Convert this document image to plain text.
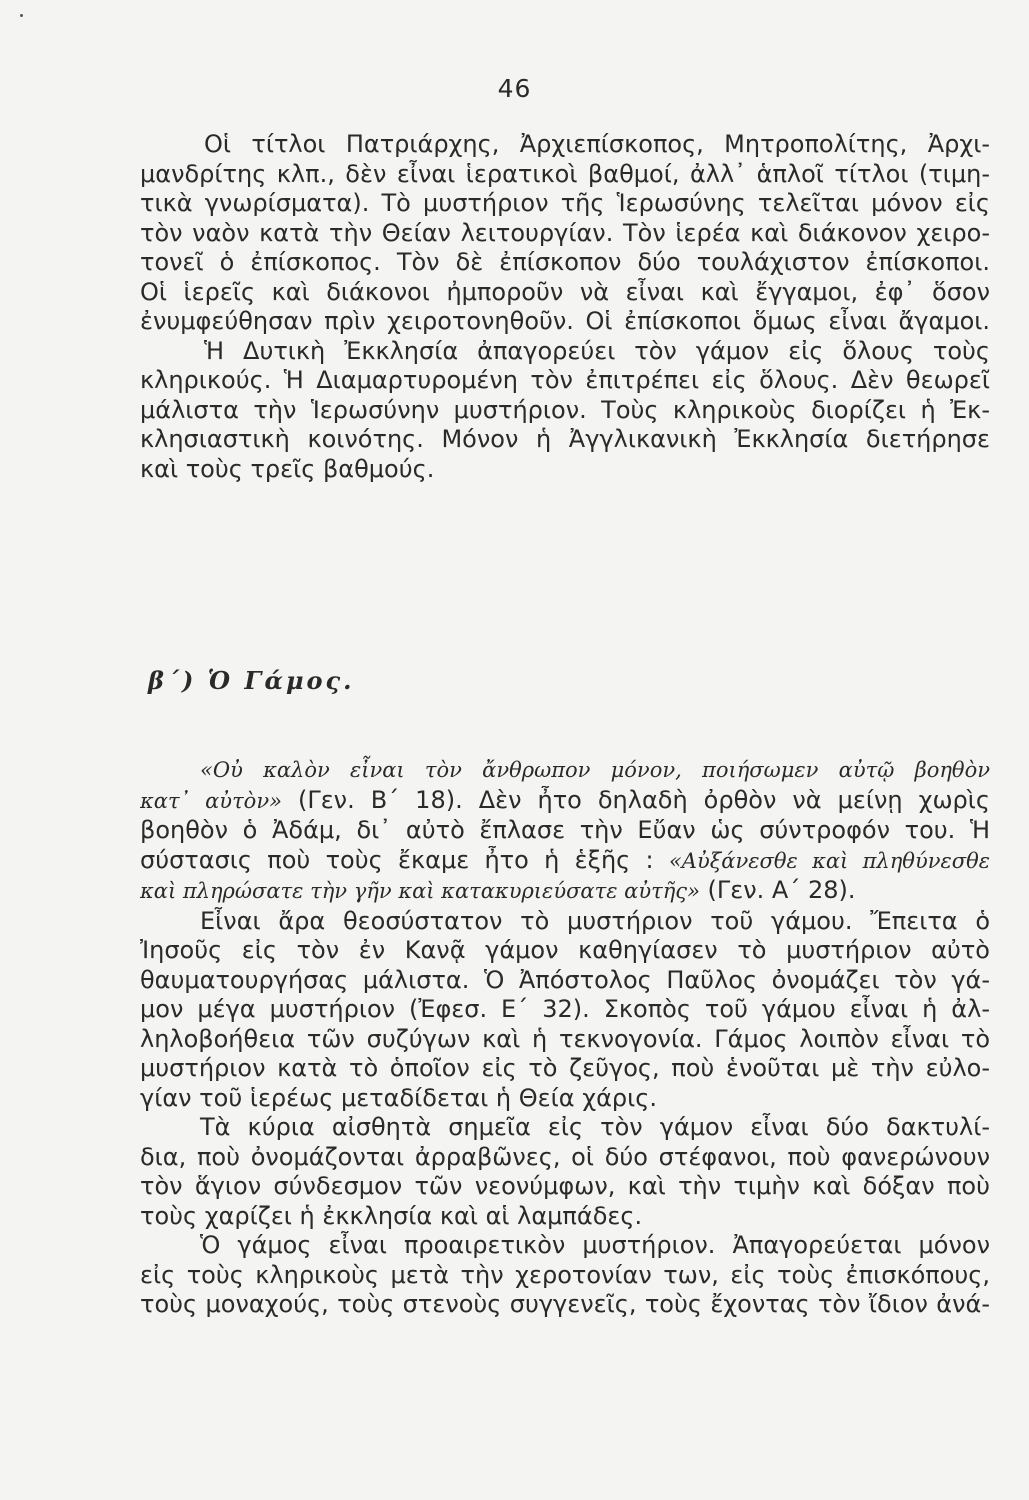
46
Οἱ τίτλοι Πατριάρχης, Ἀρχιεπίσκοπος, Μητροπολίτης, Ἀρχι-
μανδρίτης κλπ., δὲν εἶναι ἱερατικοὶ βαθμοί, ἀλλ᾽ ἁπλοῖ τίτλοι (τιμη-
τικὰ γνωρίσματα). Τὸ μυστήριον τῆς Ἱερωσύνης τελεῖται μόνον εἰς
τὸν ναὸν κατὰ τὴν Θείαν λειτουργίαν. Τὸν ἱερέα καὶ διάκονον χειρο-
τονεῖ ὁ ἐπίσκοπος. Τὸν δὲ ἐπίσκοπον δύο τουλάχιστον ἐπίσκοποι.
Οἱ ἱερεῖς καὶ διάκονοι ἠμποροῦν νὰ εἶναι καὶ ἔγγαμοι, ἐφ᾽ ὅσον
ἐνυμφεύθησαν πρὶν χειροτονηθοῦν. Οἱ ἐπίσκοποι ὅμως εἶναι ἄγαμοι.
Ἡ Δυτικὴ Ἐκκλησία ἀπαγορεύει τὸν γάμον εἰς ὅλους τοὺς
κληρικούς. Ἡ Διαμαρτυρομένη τὸν ἐπιτρέπει εἰς ὅλους. Δὲν θεωρεῖ
μάλιστα τὴν Ἱερωσύνην μυστήριον. Τοὺς κληρικοὺς διορίζει ἡ Ἐκ-
κλησιαστικὴ κοινότης. Μόνον ἡ Ἀγγλικανικὴ Ἐκκλησία διετήρησε
καὶ τοὺς τρεῖς βαθμούς.
β΄) Ὁ Γάμος.
«Οὐ καλὸν εἶναι τὸν ἄνθρωπον μόνον, ποιήσωμεν αὐτῷ βοηθὸν
κατ᾽ αὐτὸν» (Γεν. Β΄ 18). Δὲν ἦτο δηλαδὴ ὀρθὸν νὰ μείνῃ χωρὶς
βοηθὸν ὁ Ἀδάμ, δι᾽ αὐτὸ ἔπλασε τὴν Εὔαν ὡς σύντροφόν του. Ἡ
σύστασις ποὺ τοὺς ἔκαμε ἦτο ἡ ἑξῆς : «Αὐξάνεσθε καὶ πληθύνεσθε
καὶ πληρώσατε τὴν γῆν καὶ κατακυριεύσατε αὐτῆς» (Γεν. Α΄ 28).
Εἶναι ἄρα θεοσύστατον τὸ μυστήριον τοῦ γάμου. Ἔπειτα ὁ
Ἰησοῦς εἰς τὸν ἐν Κανᾷ γάμον καθηγίασεν τὸ μυστήριον αὐτὸ
θαυματουργήσας μάλιστα. Ὁ Ἀπόστολος Παῦλος ὀνομάζει τὸν γά-
μον μέγα μυστήριον (Ἐφεσ. Ε΄ 32). Σκοπὸς τοῦ γάμου εἶναι ἡ ἀλ-
ληλοβοήθεια τῶν συζύγων καὶ ἡ τεκνογονία. Γάμος λοιπὸν εἶναι τὸ
μυστήριον κατὰ τὸ ὁποῖον εἰς τὸ ζεῦγος, ποὺ ἑνοῦται μὲ τὴν εὐλο-
γίαν τοῦ ἱερέως μεταδίδεται ἡ Θεία χάρις.
Τὰ κύρια αἰσθητὰ σημεῖα εἰς τὸν γάμον εἶναι δύο δακτυλί-
δια, ποὺ ὀνομάζονται ἀρραβῶνες, οἱ δύο στέφανοι, ποὺ φανερώνουν
τὸν ἅγιον σύνδεσμον τῶν νεονύμφων, καὶ τὴν τιμὴν καὶ δόξαν ποὺ
τοὺς χαρίζει ἡ ἐκκλησία καὶ αἱ λαμπάδες.
Ὁ γάμος εἶναι προαιρετικὸν μυστήριον. Ἀπαγορεύεται μόνον
εἰς τοὺς κληρικοὺς μετὰ τὴν χεροτονίαν των, εἰς τοὺς ἐπισκόπους,
τοὺς μοναχούς, τοὺς στενοὺς συγγενεῖς, τοὺς ἔχοντας τὸν ἴδιον ἀνά-
